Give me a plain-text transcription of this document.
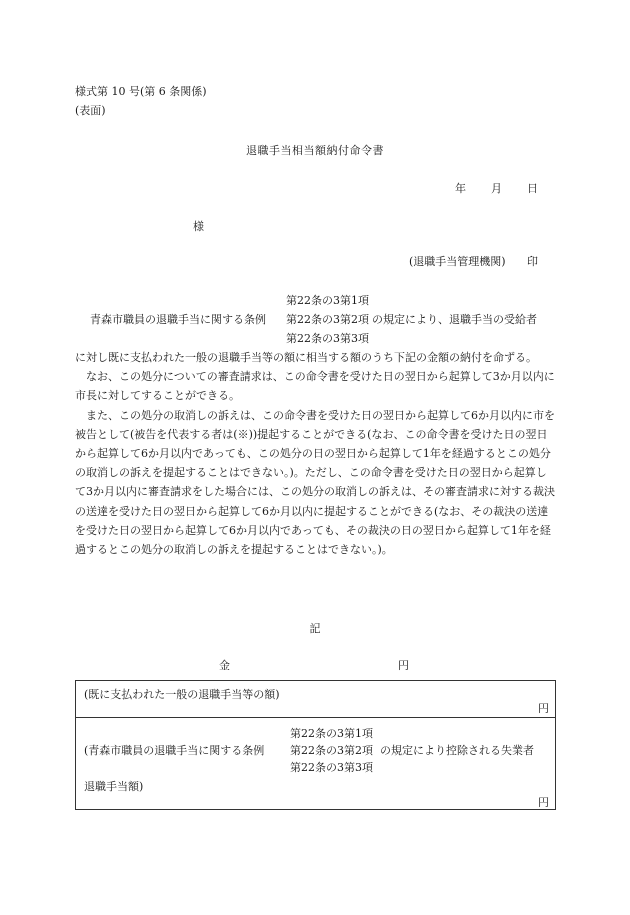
様式第 10 号(第 6 条関係)
(表面)
退職手当相当額納付命令書
年 月 日
様
(退職手当管理機関) 印
第22条の3第1項
青森市職員の退職手当に関する条例 第22条の3第2項 の規定により、退職手当の受給者
第22条の3第3項

に対し既に支払われた一般の退職手当等の額に相当する額のうち下記の金額の納付を命ずる。

なお、この処分についての審査請求は、この命令書を受けた日の翌日から起算して3か月以内に市長に対してすることができる。

また、この処分の取消しの訴えは、この命令書を受けた日の翌日から起算して6か月以内に市を被告として(被告を代表する者は(※))提起することができる(なお、この命令書を受けた日の翌日から起算して6か月以内であっても、この処分の日の翌日から起算して1年を経過するとこの処分の取消しの訴えを提起することはできない。)。ただし、この命令書を受けた日の翌日から起算して3か月以内に審査請求をした場合には、この処分の取消しの訴えは、その審査請求に対する裁決の送達を受けた日の翌日から起算して6か月以内に提起することができる(なお、その裁決の送達を受けた日の翌日から起算して6か月以内であっても、その裁決の日の翌日から起算して1年を経過するとこの処分の取消しの訴えを提起することはできない。)。

記
金	円
(既に支払われた一般の退職手当等の額)
円
第22条の3第1項
(青森市職員の退職手当に関する条例 第22条の3第2項 の規定により控除される失業者
第22条の3第3項
退職手当額)
円
